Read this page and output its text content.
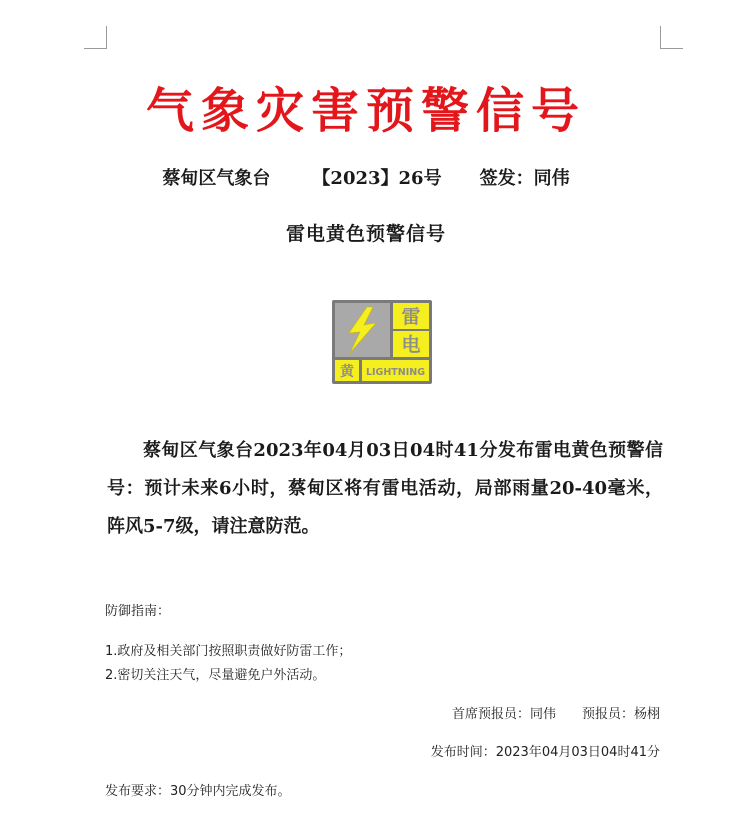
气象灾害预警信号
蔡甸区气象台 【2023】26号 签发：同伟
雷电黄色预警信号
雷
电
黄 LIGHTNING
蔡甸区气象台2023年04月03日04时41分发布雷电黄色预警信号：预计未来6小时，蔡甸区将有雷电活动，局部雨量20-40毫米，阵风5-7级，请注意防范。
防御指南：
1.政府及相关部门按照职责做好防雷工作；
2.密切关注天气，尽量避免户外活动。
首席预报员：同伟 预报员：杨栩
发布时间：2023年04月03日04时41分
发布要求：30分钟内完成发布。
